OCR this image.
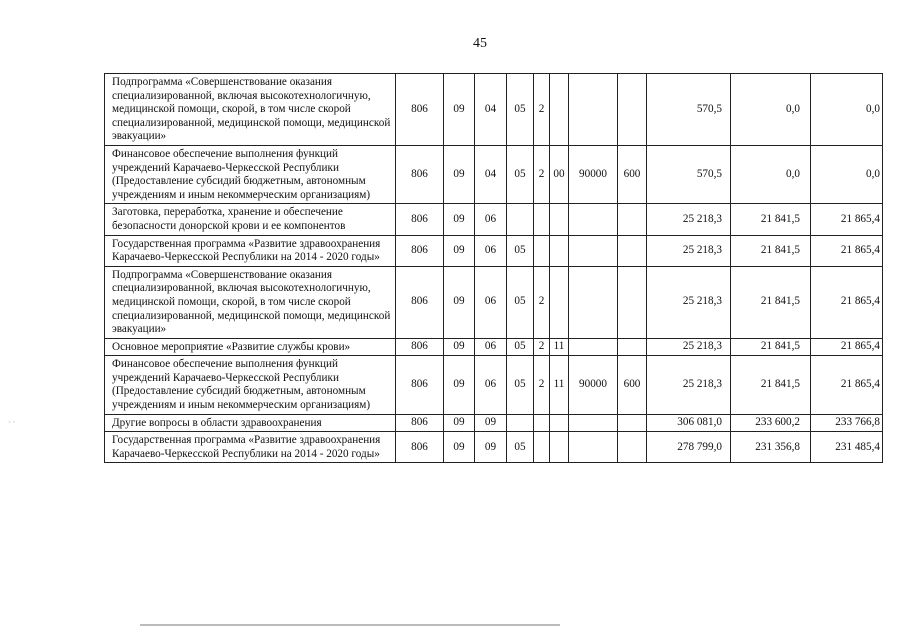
45
Подпрограмма «Совершенствование оказания специализированной, включая высокотехнологичную, медицинской помощи, скорой, в том числе скорой специализированной, медицинской помощи, медицинской эвакуации»	806	09	04	05	2				570,5	0,0	0,0
Финансовое обеспечение выполнения функций учреждений Карачаево-Черкесской Республики (Предоставление субсидий бюджетным, автономным учреждениям и иным некоммерческим организациям)	806	09	04	05	2	00	90000	600	570,5	0,0	0,0
Заготовка, переработка, хранение и обеспечение безопасности донорской крови и ее компонентов	806	09	06						25 218,3	21 841,5	21 865,4
Государственная программа «Развитие здравоохранения Карачаево-Черкесской Республики на 2014 - 2020 годы»	806	09	06	05					25 218,3	21 841,5	21 865,4
Подпрограмма «Совершенствование оказания специализированной, включая высокотехнологичную, медицинской помощи, скорой, в том числе скорой специализированной, медицинской помощи, медицинской эвакуации»	806	09	06	05	2				25 218,3	21 841,5	21 865,4
Основное мероприятие «Развитие службы крови»	806	09	06	05	2	11			25 218,3	21 841,5	21 865,4
Финансовое обеспечение выполнения функций учреждений Карачаево-Черкесской Республики (Предоставление субсидий бюджетным, автономным учреждениям и иным некоммерческим организациям)	806	09	06	05	2	11	90000	600	25 218,3	21 841,5	21 865,4
Другие вопросы в области здравоохранения	806	09	09						306 081,0	233 600,2	233 766,8
Государственная программа «Развитие здравоохранения Карачаево-Черкесской Республики на 2014 - 2020 годы»	806	09	09	05					278 799,0	231 356,8	231 485,4
· ·
